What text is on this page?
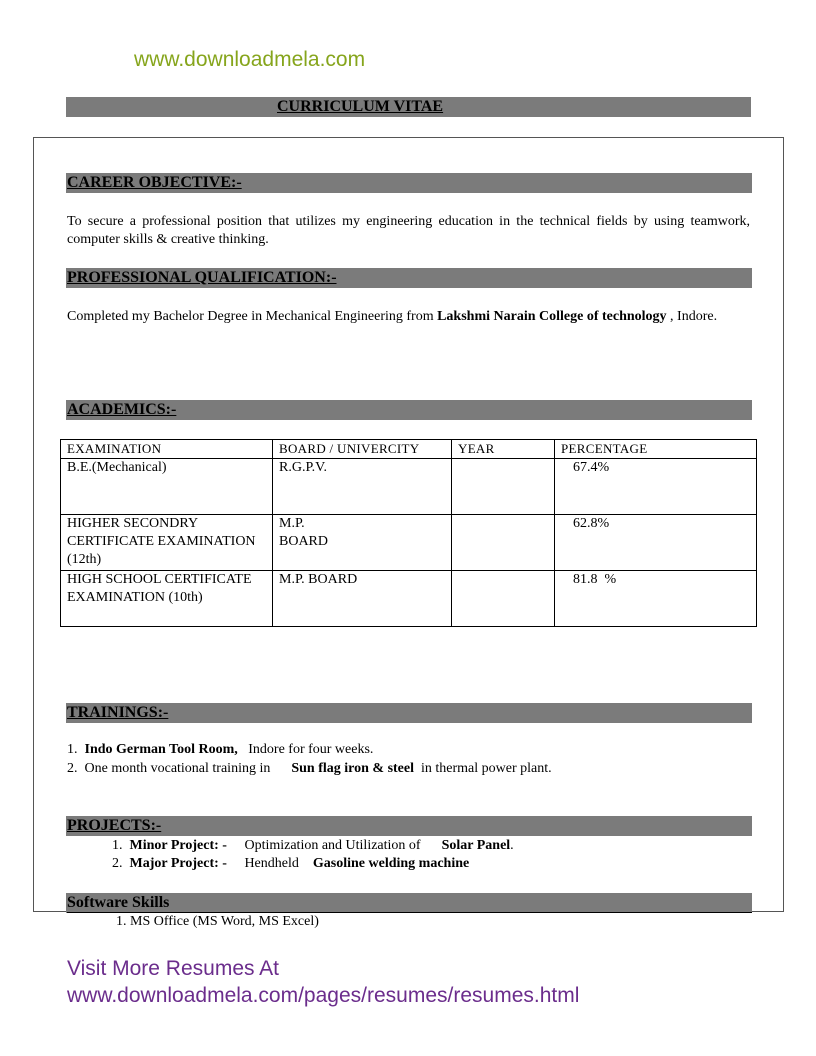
www.downloadmela.com
CURRICULUM VITAE
CAREER OBJECTIVE:-
To secure a professional position that utilizes my engineering education in the technical fields by using teamwork, computer skills & creative thinking.
PROFESSIONAL QUALIFICATION:-
Completed my Bachelor Degree in Mechanical Engineering from Lakshmi Narain College of technology , Indore.
ACADEMICS:-
EXAMINATION	BOARD / UNIVERCITY	YEAR	PERCENTAGE
B.E.(Mechanical)	R.G.P.V.		67.4%
HIGHER SECONDRY CERTIFICATE EXAMINATION (12th)	M.P. BOARD		62.8%
HIGH SCHOOL CERTIFICATE EXAMINATION (10th)	M.P. BOARD		81.8  %
TRAININGS:-
1. Indo German Tool Room, Indore for four weeks.
2. One month vocational training in Sun flag iron & steel in thermal power plant.
PROJECTS:-
1. Minor Project: - Optimization and Utilization of Solar Panel.
2. Major Project: - Hendheld Gasoline welding machine
Software Skills
1. MS Office (MS Word, MS Excel)
Visit More Resumes At
www.downloadmela.com/pages/resumes/resumes.html
